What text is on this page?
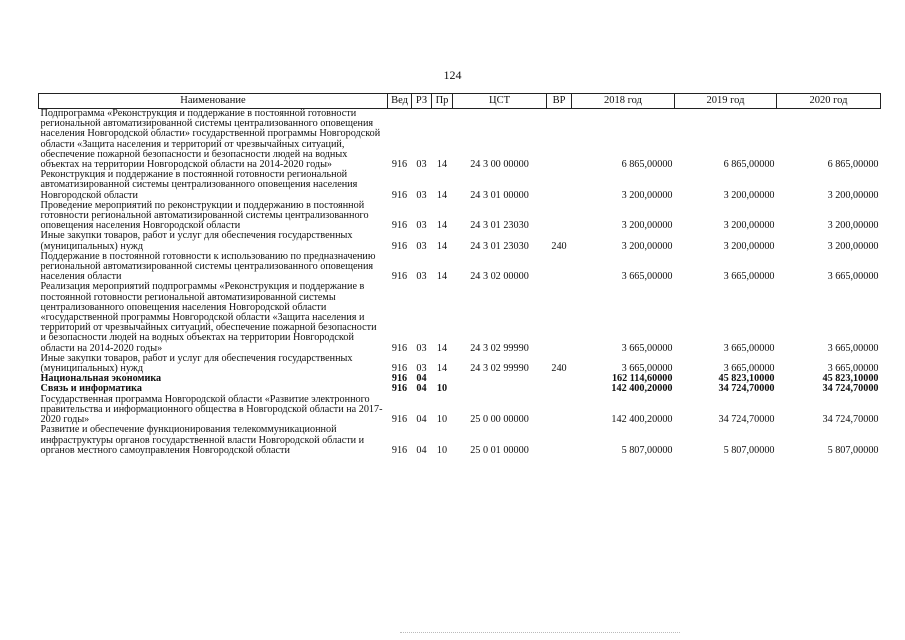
124
Наименование	Вед	РЗ	Пр	ЦСТ	ВР	2018 год	2019 год	2020 год
Подпрограмма «Реконструкция и поддержание в постоянной готовности региональной автоматизированной системы централизованного оповещения населения Новгородской области» государственной программы Новгородской области «Защита населения и территорий от чрезвычайных ситуаций, обеспечение пожарной безопасности и безопасности людей на водных объектах на территории Новгородской области на 2014-2020 годы»	916	03	14	24 3 00 00000		6 865,00000	6 865,00000	6 865,00000
Реконструкция и поддержание в постоянной готовности региональной автоматизированной системы централизованного оповещения населения Новгородской области	916	03	14	24 3 01 00000		3 200,00000	3 200,00000	3 200,00000
Проведение мероприятий по реконструкции и поддержанию в постоянной готовности региональной автоматизированной системы централизованного оповещения населения Новгородской области	916	03	14	24 3 01 23030		3 200,00000	3 200,00000	3 200,00000
Иные закупки товаров, работ и услуг для обеспечения государственных (муниципальных) нужд	916	03	14	24 3 01 23030	240	3 200,00000	3 200,00000	3 200,00000
Поддержание в постоянной готовности к использованию по предназначению региональной автоматизированной системы централизованного оповещения населения области	916	03	14	24 3 02 00000		3 665,00000	3 665,00000	3 665,00000
Реализация мероприятий подпрограммы «Реконструкция и поддержание в постоянной готовности региональной автоматизированной системы централизованного оповещения населения Новгородской области «государственной программы Новгородской области «Защита населения и территорий от чрезвычайных ситуаций, обеспечение пожарной безопасности и безопасности людей на водных объектах на территории Новгородской области на 2014-2020 годы»	916	03	14	24 3 02 99990		3 665,00000	3 665,00000	3 665,00000
Иные закупки товаров, работ и услуг для обеспечения государственных (муниципальных) нужд	916	03	14	24 3 02 99990	240	3 665,00000	3 665,00000	3 665,00000
Национальная экономика	916	04				162 114,60000	45 823,10000	45 823,10000
Связь и информатика	916	04	10			142 400,20000	34 724,70000	34 724,70000
Государственная программа Новгородской области «Развитие электронного правительства и информационного общества в Новгородской области на 2017-2020 годы»	916	04	10	25 0 00 00000		142 400,20000	34 724,70000	34 724,70000
Развитие и обеспечение функционирования телекоммуникационной инфраструктуры органов государственной власти Новгородской области и органов местного самоуправления Новгородской области	916	04	10	25 0 01 00000		5 807,00000	5 807,00000	5 807,00000
